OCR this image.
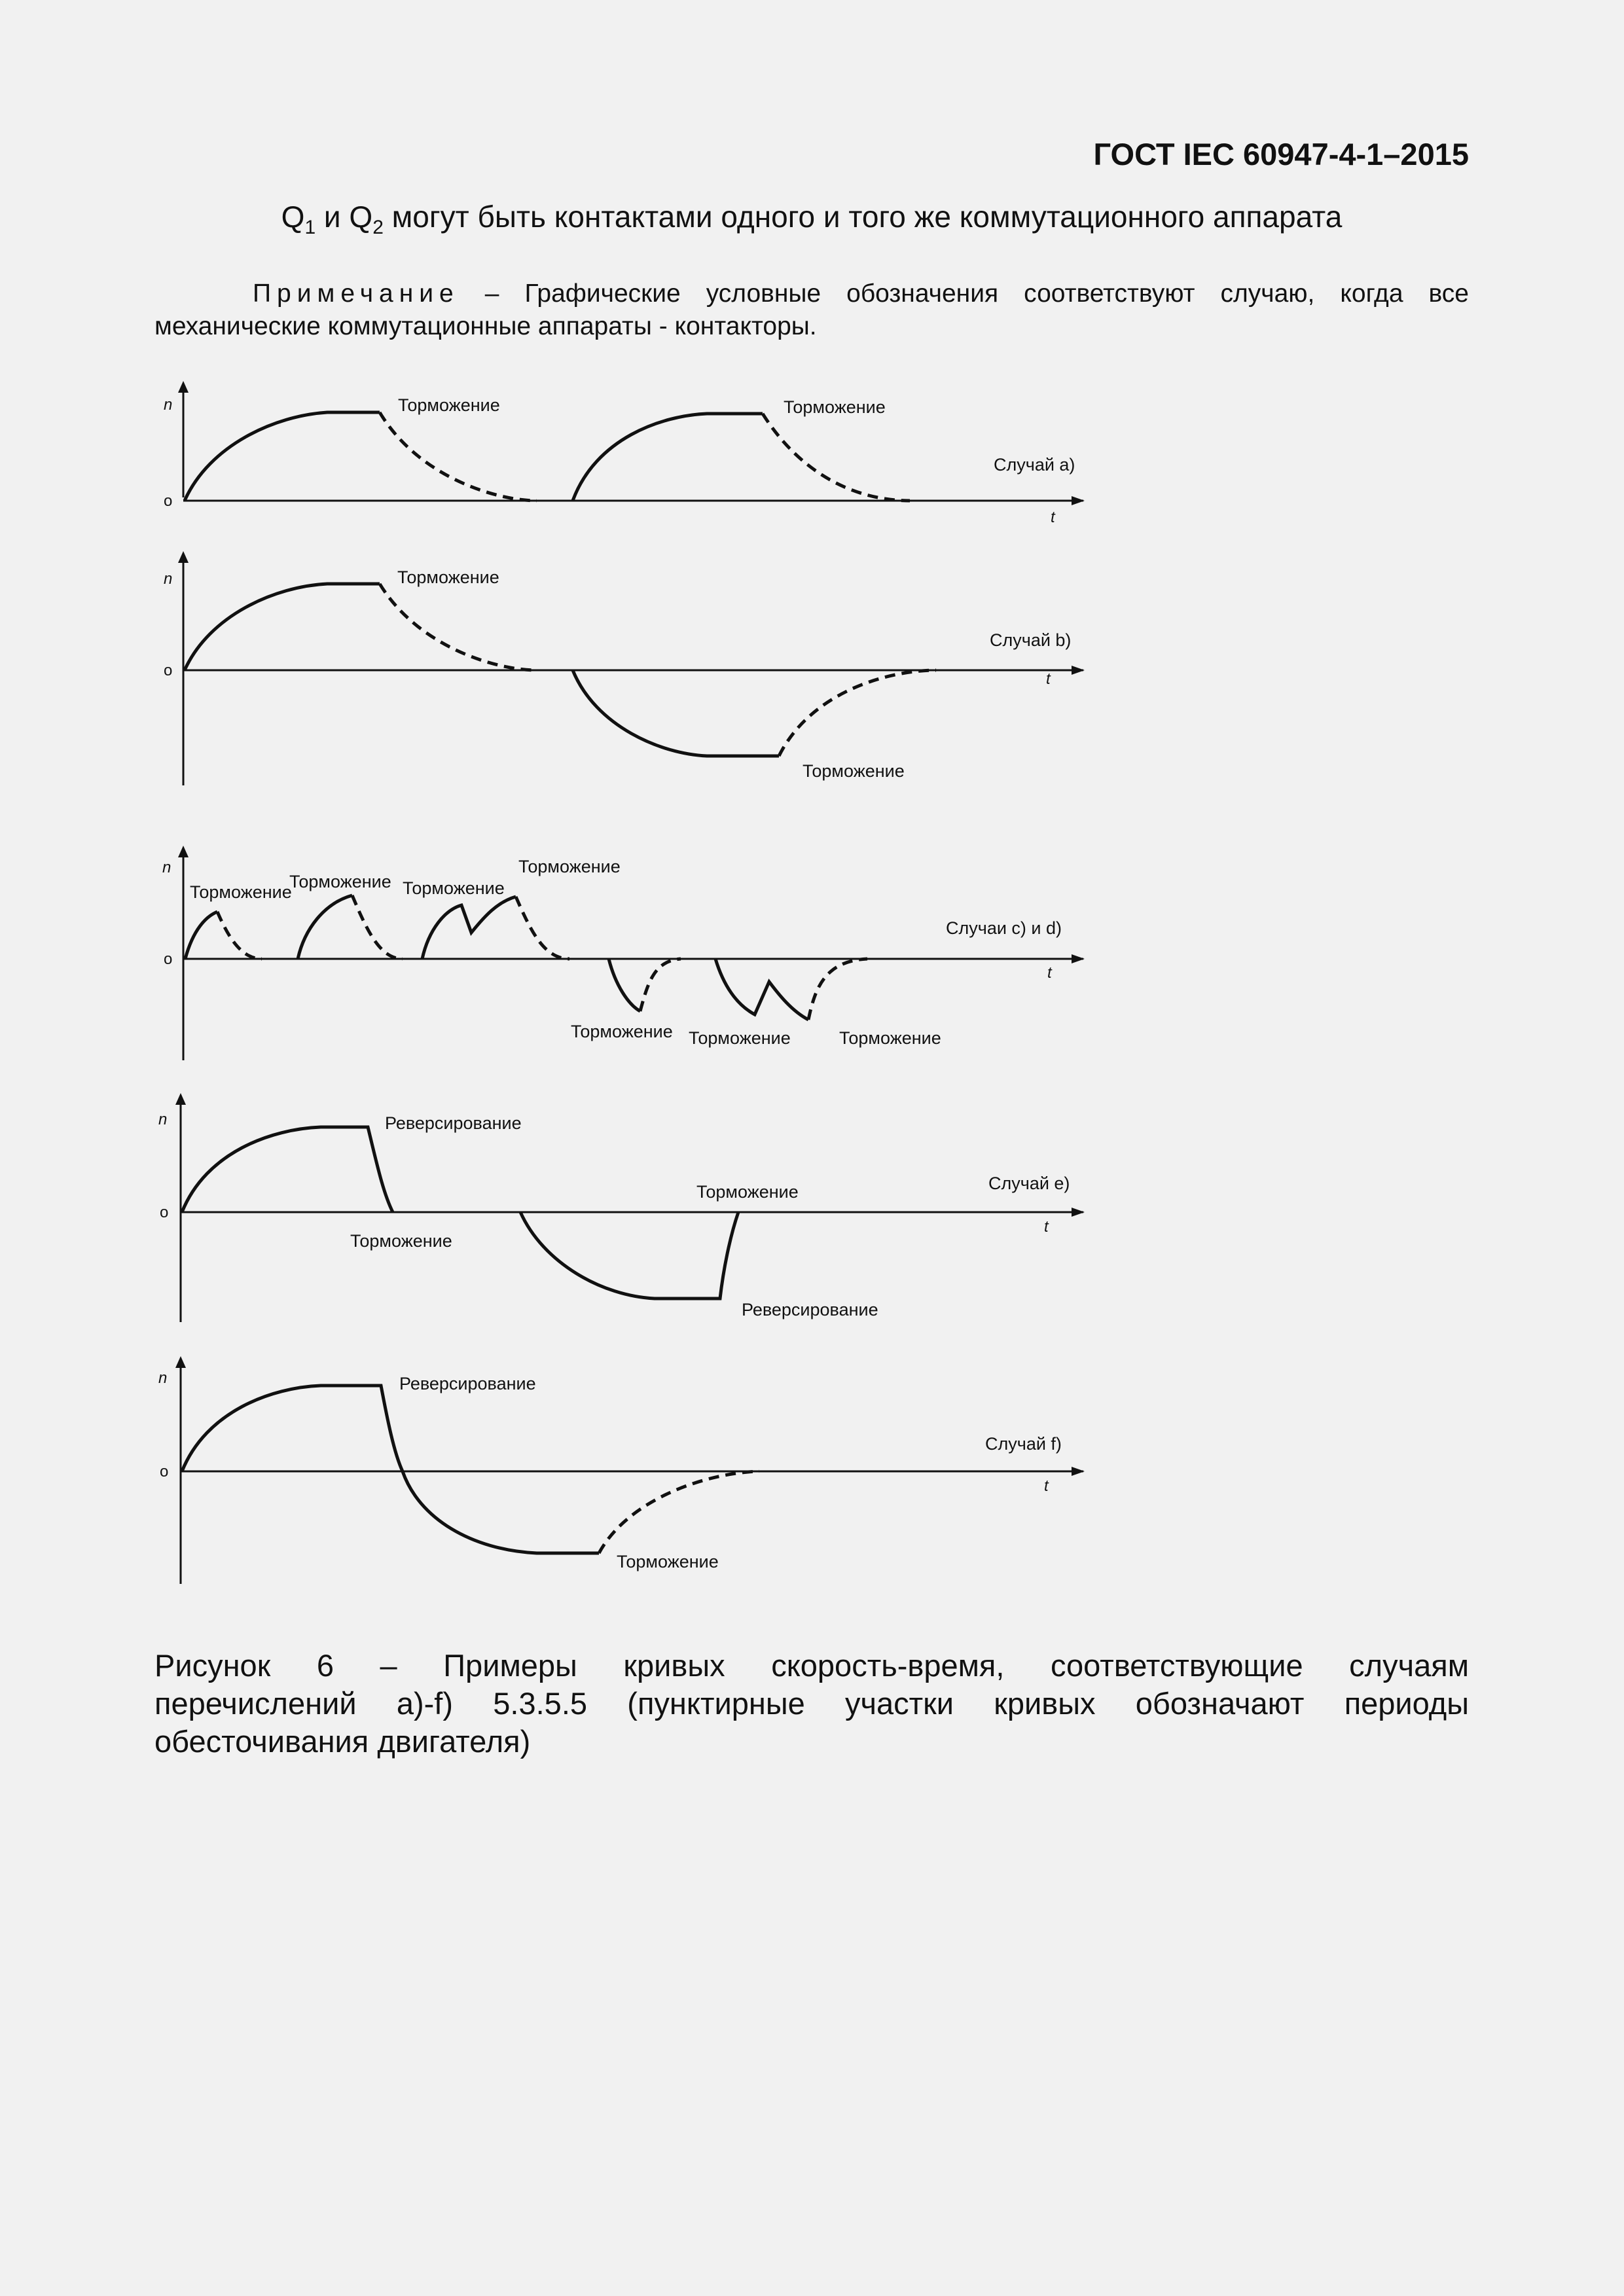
ГОСТ IEC 60947-4-1–2015
$Q_1$ и $Q_2$ могут быть контактами одного и того же коммутационного аппарата
Примечание – Графические условные обозначения соответствуют случаю, когда все
механические коммутационные аппараты - контакторы.
n
o
t
Торможение	Торможение
Случай a)
n
o	t
Торможение
Торможение
Случай b)
n
o
t
Торможение
Торможение Торможение
Торможение
Торможение Торможение	Торможение
Случаи c) и d)
n
o
t
Реверсирование
Торможение
Торможение
Реверсирование
Случай e)
n
o
t
Реверсирование
Торможение
Случай f)
Рисунок 6 – Примеры кривых скорость-время, соответствующие случаям
перечислений а)-f) 5.3.5.5 (пунктирные участки кривых обозначают периоды
обесточивания двигателя)
